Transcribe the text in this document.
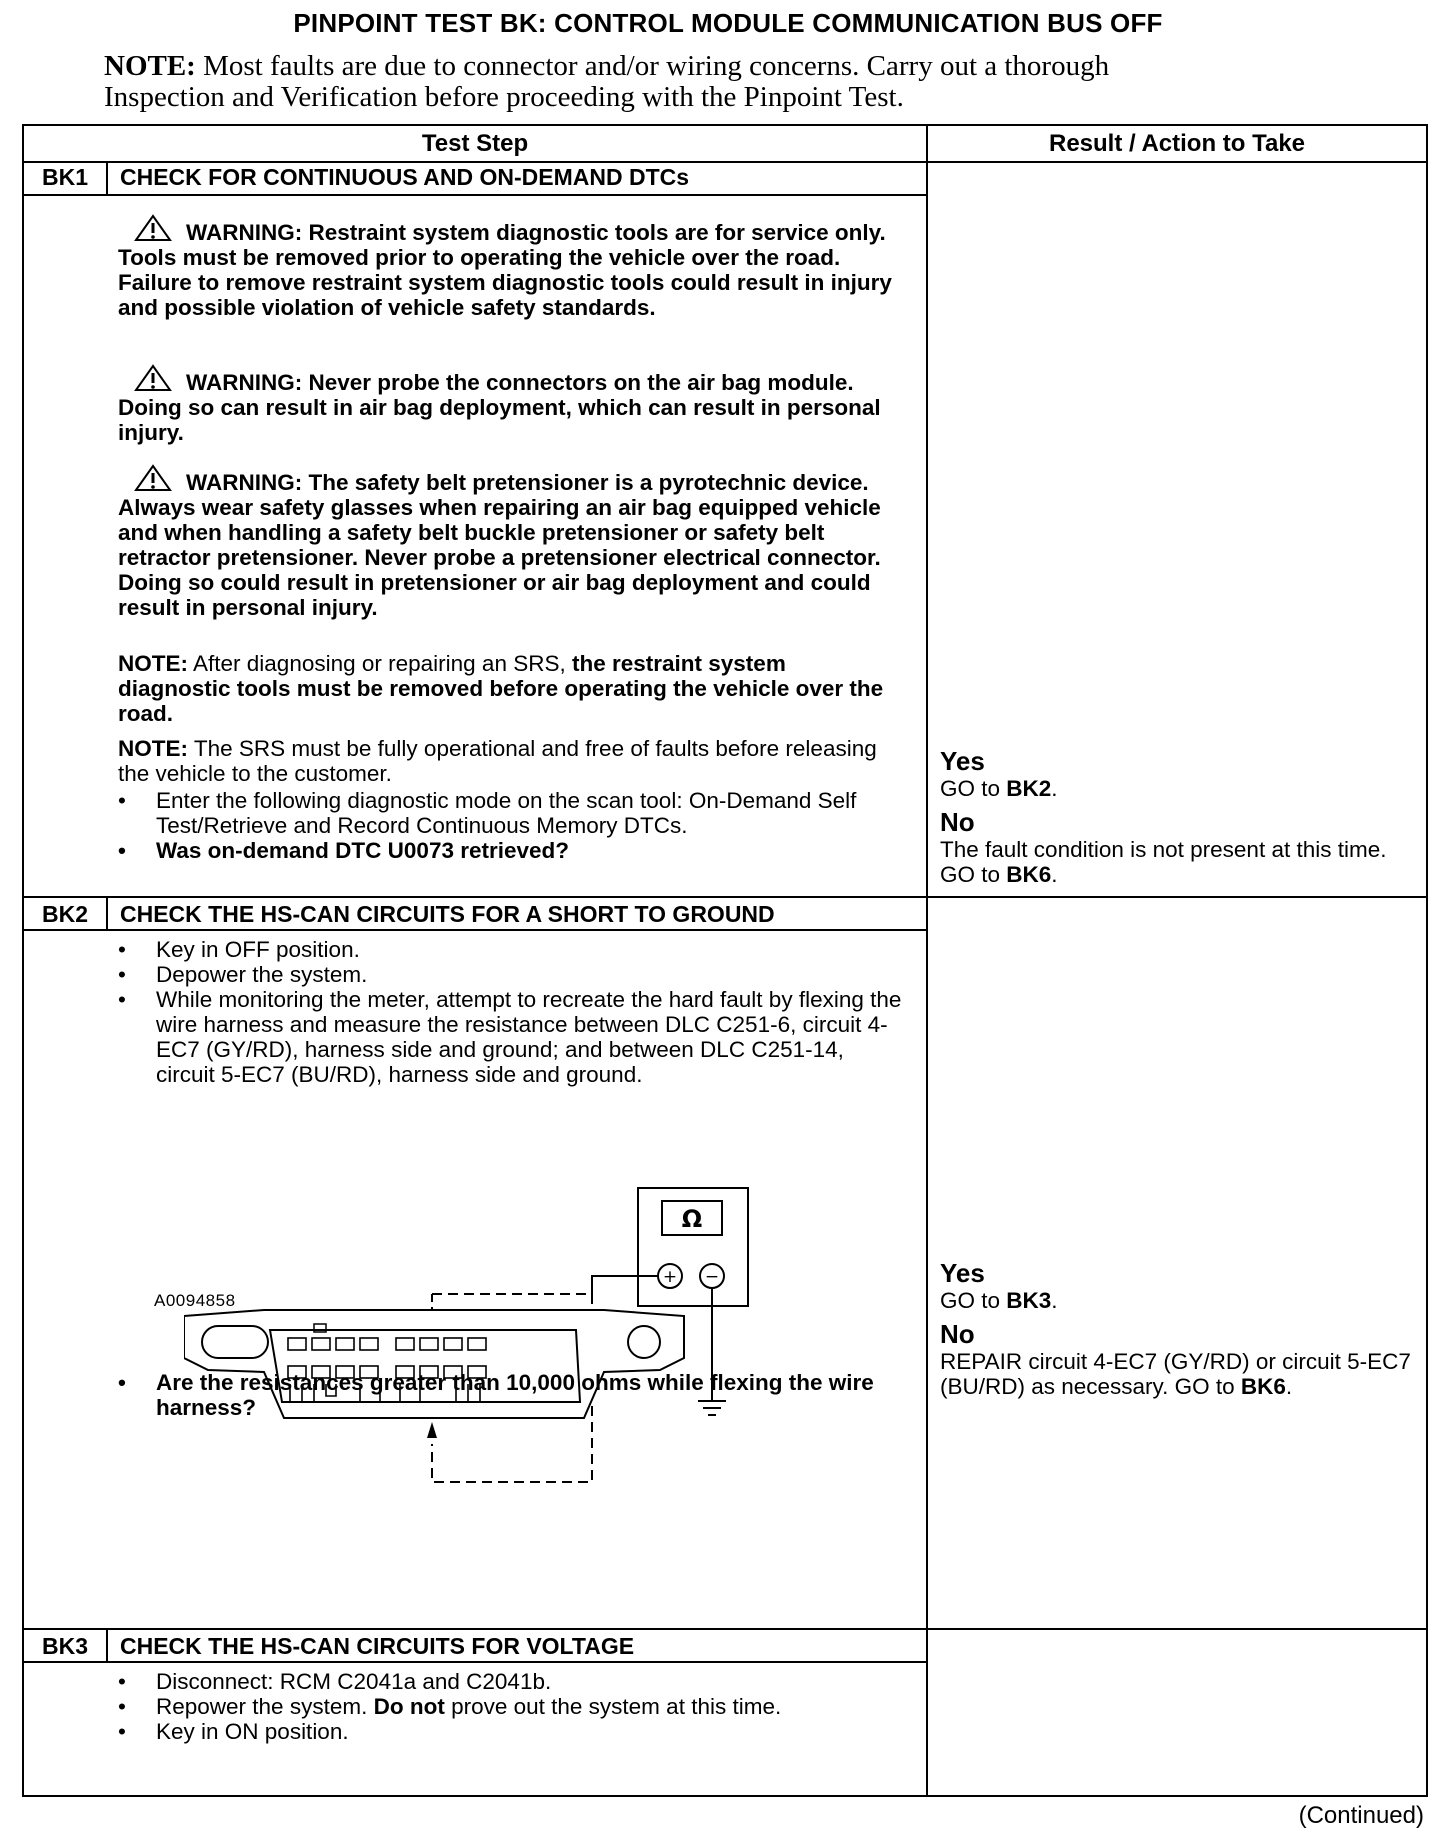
PINPOINT TEST BK: CONTROL MODULE COMMUNICATION BUS OFF
NOTE: Most faults are due to connector and/or wiring concerns. Carry out a thorough
Inspection and Verification before proceeding with the Pinpoint Test.
Test Step	Result / Action to Take
BK1	CHECK FOR CONTINUOUS AND ON-DEMAND DTCs
WARNING: Restraint system diagnostic tools are for service only. Tools must be removed prior to operating the vehicle over the road. Failure to remove restraint system diagnostic tools could result in injury and possible violation of vehicle safety standards.
WARNING: Never probe the connectors on the air bag module. Doing so can result in air bag deployment, which can result in personal injury.
WARNING: The safety belt pretensioner is a pyrotechnic device. Always wear safety glasses when repairing an air bag equipped vehicle and when handling a safety belt buckle pretensioner or safety belt retractor pretensioner. Never probe a pretensioner electrical connector. Doing so could result in pretensioner or air bag deployment and could result in personal injury.
NOTE: After diagnosing or repairing an SRS, the restraint system diagnostic tools must be removed before operating the vehicle over the road.
NOTE: The SRS must be fully operational and free of faults before releasing the vehicle to the customer.
• Enter the following diagnostic mode on the scan tool: On-Demand Self Test/Retrieve and Record Continuous Memory DTCs.
• Was on-demand DTC U0073 retrieved?
Yes
GO to BK2.
No
The fault condition is not present at this time. GO to BK6.
BK2	CHECK THE HS-CAN CIRCUITS FOR A SHORT TO GROUND
• Key in OFF position.
• Depower the system.
• While monitoring the meter, attempt to recreate the hard fault by flexing the wire harness and measure the resistance between DLC C251-6, circuit 4-EC7 (GY/RD), harness side and ground; and between DLC C251-14, circuit 5-EC7 (BU/RD), harness side and ground.
Ω
+ −
A0094858
• Are the resistances greater than 10,000 ohms while flexing the wire harness?
Yes
GO to BK3.
No
REPAIR circuit 4-EC7 (GY/RD) or circuit 5-EC7 (BU/RD) as necessary. GO to BK6.
BK3	CHECK THE HS-CAN CIRCUITS FOR VOLTAGE
• Disconnect: RCM C2041a and C2041b.
• Repower the system. Do not prove out the system at this time.
• Key in ON position.
(Continued)
